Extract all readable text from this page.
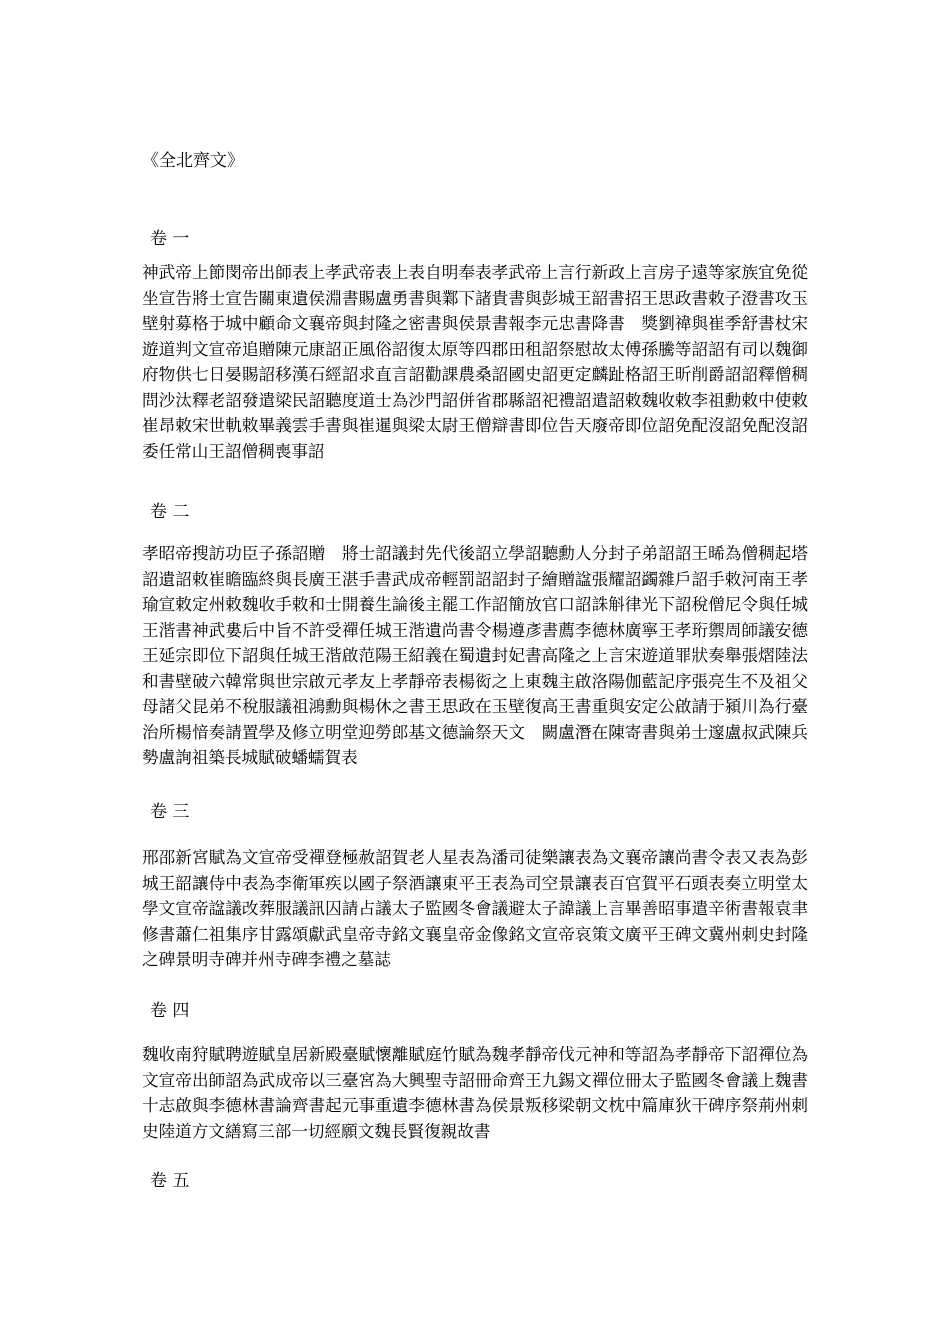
《全北齊文》
卷 一
神武帝上節閔帝出師表上孝武帝表上表自明奉表孝武帝上言行新政上言房子遠等家族宜免從坐宣告將士宣告關東遺侯淵書賜盧勇書與鄴下諸貴書與彭城王韶書招王思政書敕子澄書攻玉壁射募格于城中顧命文襄帝與封隆之密書與侯景書報李元忠書降書　獎劉禕與崔季舒書杖宋遊道判文宣帝追贈陳元康詔正風俗詔復太原等四郡田租詔祭慰故太傅孫騰等詔詔有司以魏御府物供七日晏賜詔移漢石經詔求直言詔勸課農桑詔國史詔更定麟趾格詔王昕削爵詔詔釋僧稠問沙汰釋老詔發遣梁民詔聽度道士為沙門詔併省郡縣詔祀禮詔遣詔敕魏收敕李祖勳敕中使敕崔昂敕宋世軌敕畢義雲手書與崔暹與梁太尉王僧辯書即位告天廢帝即位詔免配沒詔免配沒詔委任常山王詔僧稠喪事詔
卷 二
孝昭帝搜訪功臣子孫詔贈　將士詔議封先代後詔立學詔聽勳人分封子弟詔詔王晞為僧稠起塔詔遺詔敕崔瞻臨終與長廣王湛手書武成帝輕罰詔詔封子繪贈諡張耀詔蠲雜戶詔手敕河南王孝瑜宣敕定州敕魏收手敕和士開養生論後主罷工作詔簡放官口詔誅斛律光下詔稅僧尼令與任城王湝書神武婁后中旨不許受禪任城王湝遺尚書令楊遵彥書薦李德林廣寧王孝珩禦周師議安德王延宗即位下詔與任城王湝啟范陽王紹義在蜀遺封妃書高隆之上言宋遊道罪狀奏舉張熠陸法和書壁破六韓常與世宗啟元孝友上孝靜帝表楊衒之上東魏主啟洛陽伽藍記序張亮生不及祖父母諸父昆弟不稅服議祖鴻勳與楊休之書王思政在玉壁復高王書重與安定公啟請于潁川為行臺治所楊愔奏請置學及修立明堂迎勞郎基文德論祭天文　闕盧潛在陳寄書與弟士邃盧叔武陳兵勢盧詢祖築長城賦破蟠蠕賀表
卷 三
邢邵新宮賦為文宣帝受禪登極赦詔賀老人星表為潘司徒樂讓表為文襄帝讓尚書令表又表為彭城王韶讓侍中表為李衛軍疾以國子祭酒讓東平王表為司空景讓表百官賀平石頭表奏立明堂太學文宣帝諡議改葬服議訊囚請占議太子監國冬會議避太子諱議上言畢善昭事遣辛術書報袁聿修書蕭仁祖集序甘露頌獻武皇帝寺銘文襄皇帝金像銘文宣帝哀策文廣平王碑文冀州刺史封隆之碑景明寺碑并州寺碑李禮之墓誌
卷 四
魏收南狩賦聘遊賦皇居新殿臺賦懷離賦庭竹賦為魏孝靜帝伐元神和等詔為孝靜帝下詔禪位為文宣帝出師詔為武成帝以三臺宮為大興聖寺詔冊命齊王九錫文禪位冊太子監國冬會議上魏書十志啟與李德林書論齊書起元事重遺李德林書為侯景叛移梁朝文枕中篇庫狄干碑序祭荊州刺史陸道方文繕寫三部一切經願文魏長賢復親故書
卷 五
